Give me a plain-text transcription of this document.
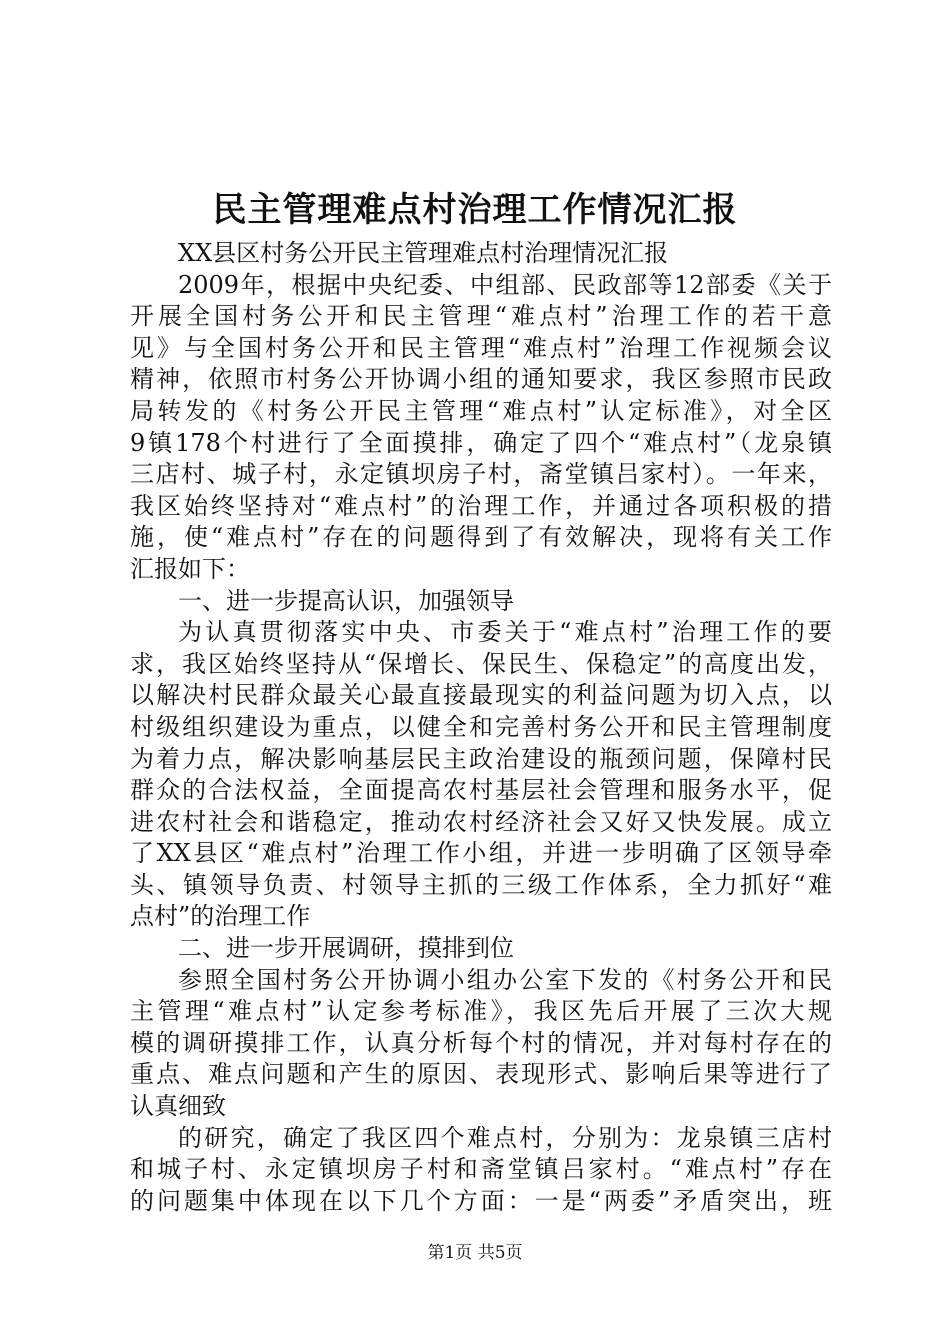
民主管理难点村治理工作情况汇报
XX县区村务公开民主管理难点村治理情况汇报
2009年，根据中央纪委、中组部、民政部等12部委《关于
开展全国村务公开和民主管理“难点村”治理工作的若干意
见》与全国村务公开和民主管理“难点村”治理工作视频会议
精神，依照市村务公开协调小组的通知要求，我区参照市民政
局转发的《村务公开民主管理“难点村”认定标准》，对全区
9镇178个村进行了全面摸排，确定了四个“难点村”（龙泉镇
三店村、城子村，永定镇坝房子村，斋堂镇吕家村）。一年来，
我区始终坚持对“难点村”的治理工作，并通过各项积极的措
施，使“难点村”存在的问题得到了有效解决，现将有关工作
汇报如下：
一、进一步提高认识，加强领导
为认真贯彻落实中央、市委关于“难点村”治理工作的要
求，我区始终坚持从“保增长、保民生、保稳定”的高度出发，
以解决村民群众最关心最直接最现实的利益问题为切入点，以
村级组织建设为重点，以健全和完善村务公开和民主管理制度
为着力点，解决影响基层民主政治建设的瓶颈问题，保障村民
群众的合法权益，全面提高农村基层社会管理和服务水平，促
进农村社会和谐稳定，推动农村经济社会又好又快发展。成立
了XX县区“难点村”治理工作小组，并进一步明确了区领导牵
头、镇领导负责、村领导主抓的三级工作体系，全力抓好“难
点村”的治理工作
二、进一步开展调研，摸排到位
参照全国村务公开协调小组办公室下发的《村务公开和民
主管理“难点村”认定参考标准》，我区先后开展了三次大规
模的调研摸排工作，认真分析每个村的情况，并对每村存在的
重点、难点问题和产生的原因、表现形式、影响后果等进行了
认真细致
的研究，确定了我区四个难点村，分别为：龙泉镇三店村
和城子村、永定镇坝房子村和斋堂镇吕家村。“难点村”存在
的问题集中体现在以下几个方面：一是“两委”矛盾突出，班
第1页 共5页
